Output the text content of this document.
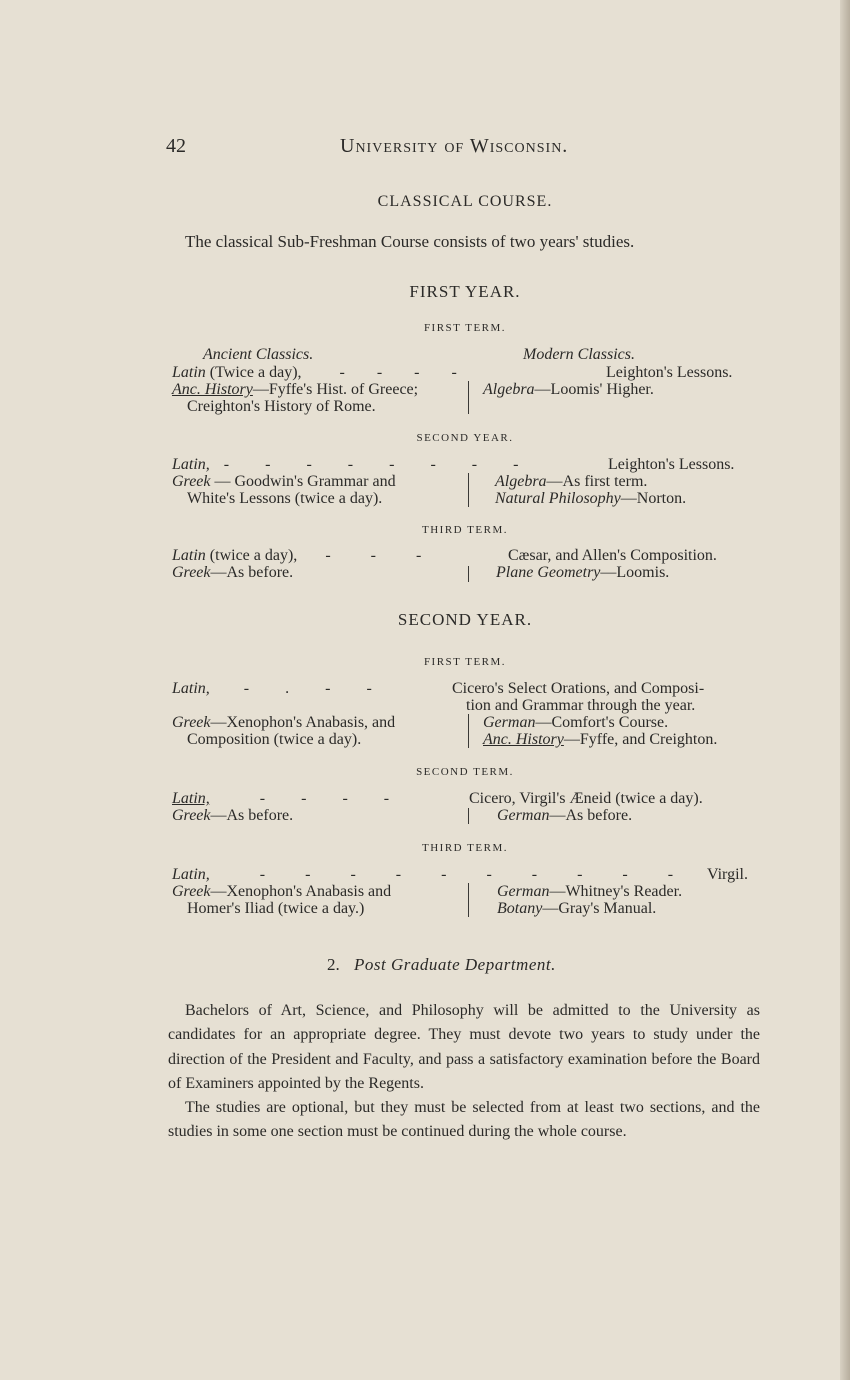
42	University of Wisconsin.
CLASSICAL COURSE.
The classical Sub-Freshman Course consists of two years' studies.
FIRST YEAR.
FIRST TERM.
Ancient Classics.	Modern Classics.
Latin (Twice a day), -        -        -        -	Leighton's Lessons.
Anc. History—Fyffe's Hist. of Greece;	Algebra—Loomis' Higher.
Creighton's History of Rome.
SECOND YEAR.
Latin, -         -         -         -         -         -         -         -	Leighton's Lessons.
Greek — Goodwin's Grammar and	Algebra—As first term.
White's Lessons (twice a day).	Natural Philosophy—Norton.
THIRD TERM.
Latin (twice a day), -          -          -	Cæsar, and Allen's Composition.
Greek—As before.	Plane Geometry—Loomis.
SECOND YEAR.
FIRST TERM.
Latin, -         .         -         -	Cicero's Select Orations, and Composi-
tion and Grammar through the year.
Greek—Xenophon's Anabasis, and	German—Comfort's Course.
Composition (twice a day).	Anc. History—Fyffe, and Creighton.
SECOND TERM.
Latin,	-         -         -         -	Cicero, Virgil's Æneid (twice a day).
Greek—As before.	German—As before.
THIRD TERM.
Latin,	-          -          -          -          -          -          -          -          -          - Virgil.
Greek—Xenophon's Anabasis and	German—Whitney's Reader.
Homer's Iliad (twice a day.)	Botany—Gray's Manual.
2. Post Graduate Department.

Bachelors of Art, Science, and Philosophy will be admitted to the University as candidates for an appropriate degree. They must devote two years to study under the direction of the President and Faculty, and pass a satisfactory examination before the Board of Examiners appointed by the Regents.

The studies are optional, but they must be selected from at least two sections, and the studies in some one section must be continued during the whole course.
